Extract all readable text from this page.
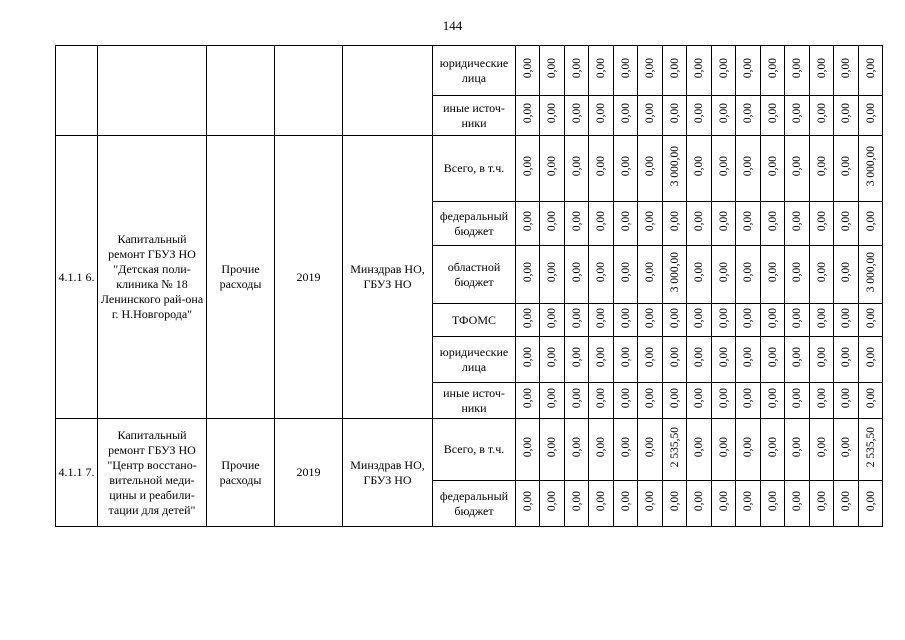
144
					юридические лица	0,00	0,00	0,00	0,00	0,00	0,00	0,00	0,00	0,00	0,00	0,00	0,00	0,00	0,00	0,00
					иные источ-ники	0,00	0,00	0,00	0,00	0,00	0,00	0,00	0,00	0,00	0,00	0,00	0,00	0,00	0,00	0,00
4.1.1 6.	Капитальный ремонт ГБУЗ НО "Детская поли-клиника № 18 Ленинского рай-она г. Н.Новгорода"	Прочие расходы	2019	Минздрав НО, ГБУЗ НО	Всего, в т.ч.	0,00	0,00	0,00	0,00	0,00	0,00	3 000,00	0,00	0,00	0,00	0,00	0,00	0,00	0,00	3 000,00
					федеральный бюджет	0,00	0,00	0,00	0,00	0,00	0,00	0,00	0,00	0,00	0,00	0,00	0,00	0,00	0,00	0,00
					областной бюджет	0,00	0,00	0,00	0,00	0,00	0,00	3 000,00	0,00	0,00	0,00	0,00	0,00	0,00	0,00	3 000,00
					ТФОМС	0,00	0,00	0,00	0,00	0,00	0,00	0,00	0,00	0,00	0,00	0,00	0,00	0,00	0,00	0,00
					юридические лица	0,00	0,00	0,00	0,00	0,00	0,00	0,00	0,00	0,00	0,00	0,00	0,00	0,00	0,00	0,00
					иные источ-ники	0,00	0,00	0,00	0,00	0,00	0,00	0,00	0,00	0,00	0,00	0,00	0,00	0,00	0,00	0,00
4.1.1 7.	Капитальный ремонт ГБУЗ НО "Центр восстано-вительной меди-цины и реабили-тации для детей"	Прочие расходы	2019	Минздрав НО, ГБУЗ НО	Всего, в т.ч.	0,00	0,00	0,00	0,00	0,00	0,00	2 535,50	0,00	0,00	0,00	0,00	0,00	0,00	0,00	2 535,50
					федеральный бюджет	0,00	0,00	0,00	0,00	0,00	0,00	0,00	0,00	0,00	0,00	0,00	0,00	0,00	0,00	0,00
